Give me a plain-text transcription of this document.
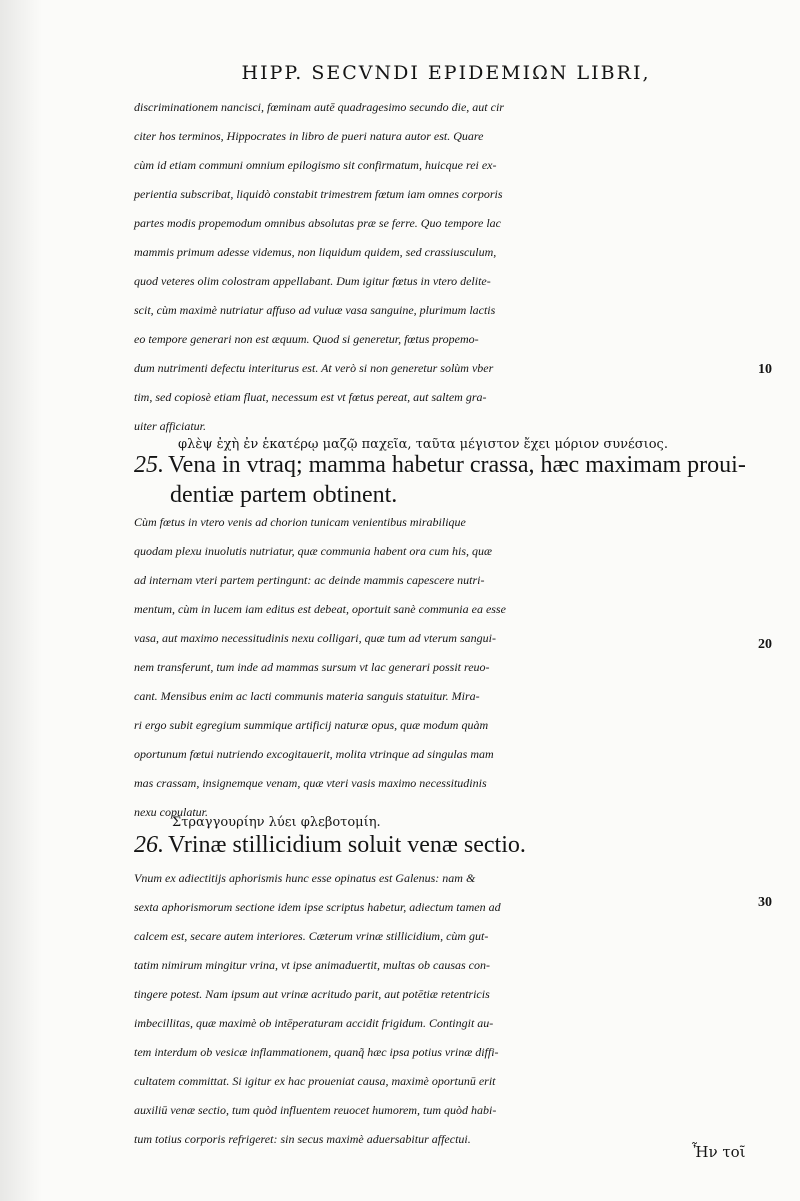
HIPP. SECVNDI EPIDEMIΩN LIBRI,
discriminationem nancisci, fœminam autē quadragesimo secundo die, aut cir
citer hos terminos, Hippocrates in libro de pueri natura autor est. Quare
cùm id etiam communi omnium epilogismo sit confirmatum, huicque rei ex-
perientia subscribat, liquidò constabit trimestrem fœtum iam omnes corporis
partes modis propemodum omnibus absolutas præ se ferre. Quo tempore lac
mammis primum adesse videmus, non liquidum quidem, sed crassiusculum,
quod veteres olim colostram appellabant. Dum igitur fœtus in vtero delite-
scit, cùm maximè nutriatur affuso ad vuluæ vasa sanguine, plurimum lactis
eo tempore generari non est æquum. Quod si generetur, fœtus propemo-
dum nutrimenti defectu interiturus est. At verò si non generetur solùm vber
tim, sed copiosè etiam fluat, necessum est vt fœtus pereat, aut saltem gra-
uiter afficiatur.
φλὲψ ἐχὴ ἐν ἑκατέρῳ μαζῷ παχεῖα, ταῦτα μέγιστον ἔχει μόριον συνέσιος.
25. Vena in vtraq; mamma habetur crassa, hæc maximam proui-
dentiæ partem obtinent.
Cùm fœtus in vtero venis ad chorion tunicam venientibus mirabilique
quodam plexu inuolutis nutriatur, quæ communia habent ora cum his, quæ
ad internam vteri partem pertingunt: ac deinde mammis capescere nutri-
mentum, cùm in lucem iam editus est debeat, oportuit sanè communia ea esse
vasa, aut maximo necessitudinis nexu colligari, quæ tum ad vterum sangui-
nem transferunt, tum inde ad mammas sursum vt lac generari possit reuo-
cant. Mensibus enim ac lacti communis materia sanguis statuitur. Mira-
ri ergo subit egregium summique artificij naturæ opus, quæ modum quàm
oportunum fœtui nutriendo excogitauerit, molita vtrinque ad singulas mam
mas crassam, insignemque venam, quæ vteri vasis maximo necessitudinis
nexu copulatur.
Στραγγουρίην λύει φλεβοτομίη.
26. Vrinæ stillicidium soluit venæ sectio.
Vnum ex adiectitijs aphorismis hunc esse opinatus est Galenus: nam &
sexta aphorismorum sectione idem ipse scriptus habetur, adiectum tamen ad
calcem est, secare autem interiores. Cæterum vrinæ stillicidium, cùm gut-
tatim nimirum mingitur vrina, vt ipse animaduertit, multas ob causas con-
tingere potest. Nam ipsum aut vrinæ acritudo parit, aut potētiæ retentricis
imbecillitas, quæ maximè ob intēperaturam accidit frigidum. Contingit au-
tem interdum ob vesicæ inflammationem, quanq̃ hæc ipsa potius vrinæ diffi-
cultatem committat. Si igitur ex hac proueniat causa, maximè oportunū erit
auxiliū venæ sectio, tum quòd influentem reuocet humorem, tum quòd habi-
tum totius corporis refrigeret: sin secus maximè aduersabitur affectui.
10
20
30
Ἦν τοῖ
